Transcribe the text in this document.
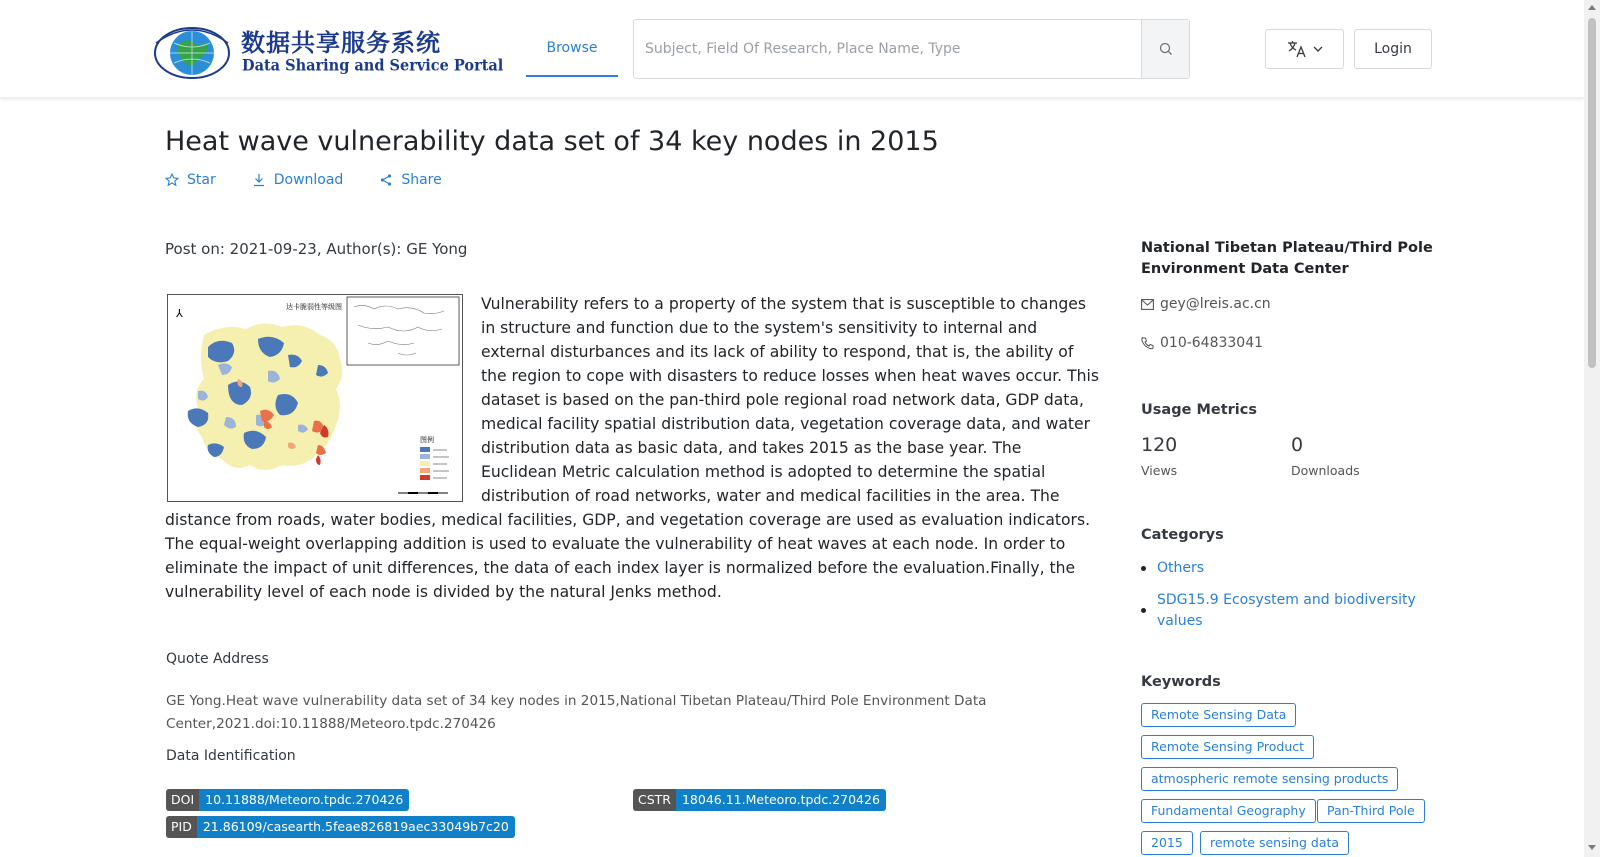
数据共享服务系统
Data Sharing and Service Portal
Browse
Subject, Field Of Research, Place Name, Type	Login
Heat wave vulnerability data set of 34 key nodes in 2015
Star	Download	Share
Post on: 2021-09-23, Author(s): GE Yong
⅄	达卡脆弱性等级图
图例
Vulnerability refers to a property of the system that is susceptible to changes in structure and function due to the system's sensitivity to internal and external disturbances and its lack of ability to respond, that is, the ability of the region to cope with disasters to reduce losses when heat waves occur. This dataset is based on the pan-third pole regional road network data, GDP data, medical facility spatial distribution data, vegetation coverage data, and water distribution data as basic data, and takes 2015 as the base year. The Euclidean Metric calculation method is adopted to determine the spatial distribution of road networks, water and medical facilities in the area. The distance from roads, water bodies, medical facilities, GDP, and vegetation coverage are used as evaluation indicators. The equal-weight overlapping addition is used to evaluate the vulnerability of heat waves at each node. In order to eliminate the impact of unit differences, the data of each index layer is normalized before the evaluation.Finally, the vulnerability level of each node is divided by the natural Jenks method.
Quote Address
GE Yong.Heat wave vulnerability data set of 34 key nodes in 2015,National Tibetan Plateau/Third Pole Environment Data Center,2021.doi:10.11888/Meteoro.tpdc.270426
Data Identification
DOI 10.11888/Meteoro.tpdc.270426	CSTR 18046.11.Meteoro.tpdc.270426
PID 21.86109/casearth.5feae826819aec33049b7c20
National Tibetan Plateau/Third Pole Environment Data Center
gey@lreis.ac.cn
010-64833041
Usage Metrics
120
Views
0
Downloads
Categorys
Others
SDG15.9 Ecosystem and biodiversity values
Keywords
Remote Sensing Data
Remote Sensing Product
atmospheric remote sensing products
Fundamental Geography	Pan-Third Pole
2015	remote sensing data
